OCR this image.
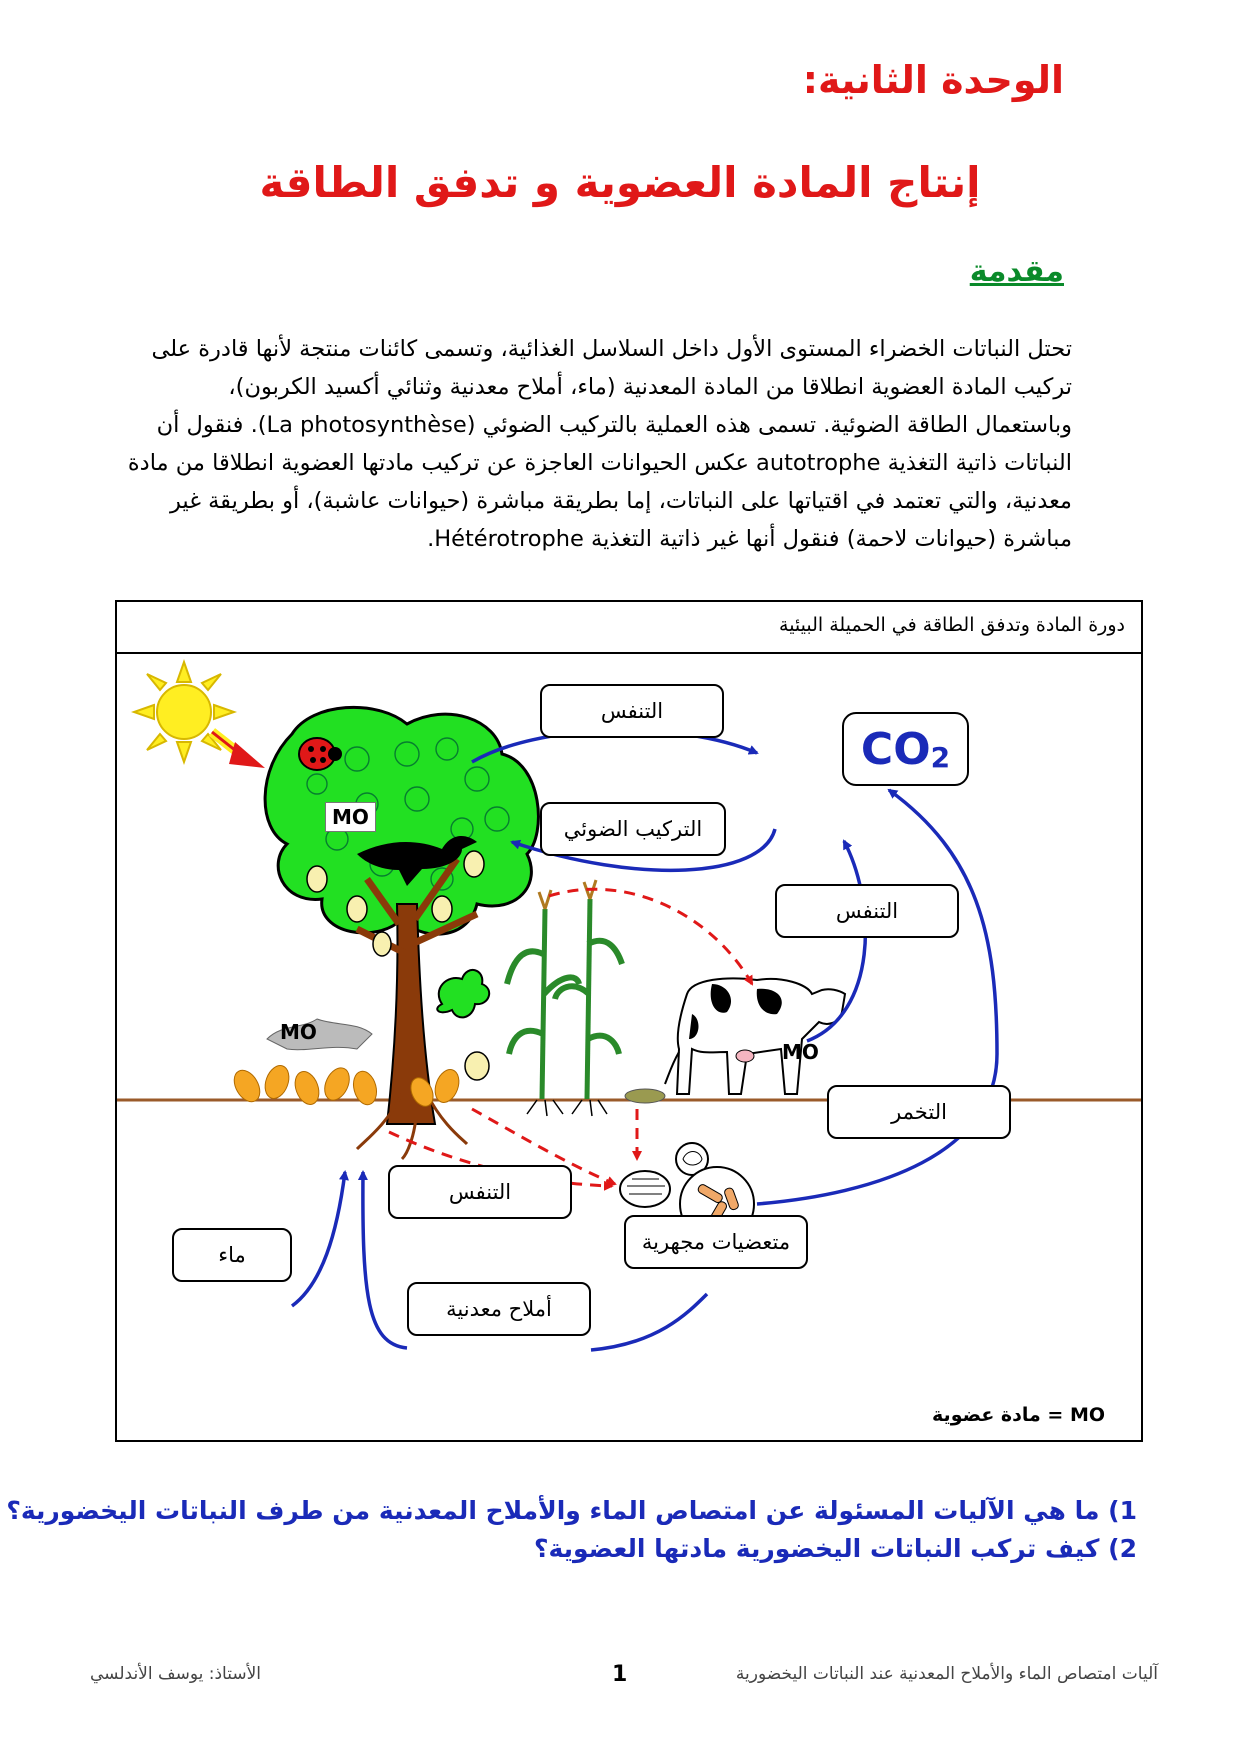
الوحدة الثانية:
إنتاج المادة العضوية و تدفق الطاقة
مقدمة

تحتل النباتات الخضراء المستوى الأول داخل السلاسل الغذائية، وتسمى كائنات منتجة لأنها قادرة على

تركيب المادة العضوية انطلاقا من المادة المعدنية (ماء، أملاح معدنية وثنائي أكسيد الكربون)،

وباستعمال الطاقة الضوئية. تسمى هذه العملية بالتركيب الضوئي (La photosynthèse). فنقول أن

النباتات ذاتية التغذية autotrophe عكس الحيوانات العاجزة عن تركيب مادتها العضوية انطلاقا من مادة

معدنية، والتي تعتمد في اقتياتها على النباتات، إما بطريقة مباشرة (حيوانات عاشبة)، أو بطريقة غير

مباشرة (حيوانات لاحمة) فنقول أنها غير ذاتية التغذية Hétérotrophe.

دورة المادة وتدفق الطاقة في الحميلة البيئية
$CO_2$
التنفس
التركيب الضوئي
التنفس
التخمر
التنفس
متعضيات مجهرية
ماء
أملاح معدنية
MO
MO
MO
MO = مادة عضوية
1) ما هي الآليات المسئولة عن امتصاص الماء والأملاح المعدنية من طرف النباتات اليخضورية؟
2) كيف تركب النباتات اليخضورية مادتها العضوية؟
الأستاذ: يوسف الأندلسي	1	آليات امتصاص الماء والأملاح المعدنية عند النباتات اليخضورية
